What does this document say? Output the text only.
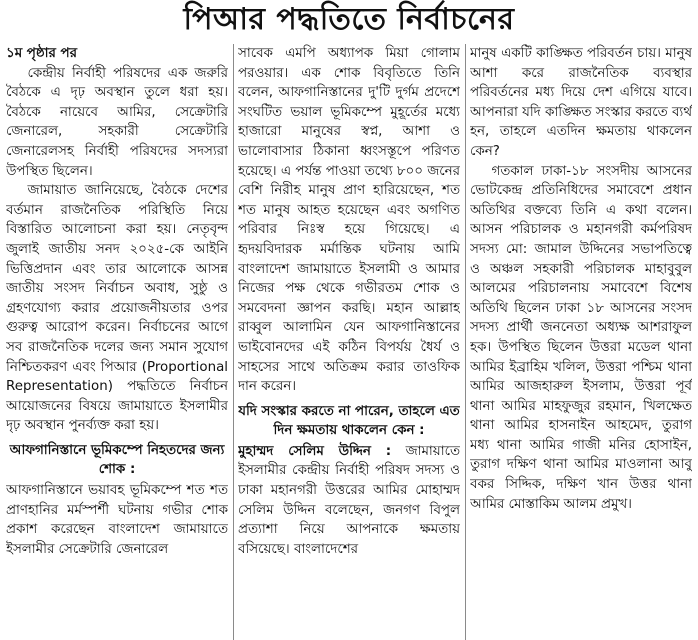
পিআর পদ্ধতিতে নির্বাচনের

১ম পৃষ্ঠার পর

কেন্দ্রীয় নির্বাহী পরিষদের এক জরুরি বৈঠকে এ দৃঢ় অবস্থান তুলে ধরা হয়। বৈঠকে নায়েবে আমির, সেক্রেটারি জেনারেল, সহকারী সেক্রেটারি জেনারেলসহ নির্বাহী পরিষদের সদস্যরা উপস্থিত ছিলেন।

জামায়াত জানিয়েছে, বৈঠকে দেশের বর্তমান রাজনৈতিক পরিস্থিতি নিয়ে বিস্তারিত আলোচনা করা হয়। নেতৃবৃন্দ জুলাই জাতীয় সনদ ২০২৫-কে আইনি ভিত্তিপ্রদান এবং তার আলোকে আসন্ন জাতীয় সংসদ নির্বাচন অবাধ, সুষ্ঠু ও গ্রহণযোগ্য করার প্রয়োজনীয়তার ওপর গুরুত্ব আরোপ করেন। নির্বাচনের আগে সব রাজনৈতিক দলের জন্য সমান সুযোগ নিশ্চিতকরণ এবং পিআর (Proportional Representation) পদ্ধতিতে নির্বাচন আয়োজনের বিষয়ে জামায়াতে ইসলামীর দৃঢ় অবস্থান পুনর্ব্যক্ত করা হয়।

আফগানিস্তানে ভূমিকম্পে নিহতদের জন্য শোক :

আফগানিস্তানে ভয়াবহ ভূমিকম্পে শত শত প্রাণহানির মর্মস্পর্শী ঘটনায় গভীর শোক প্রকাশ করেছেন বাংলাদেশ জামায়াতে ইসলামীর সেক্রেটারি জেনারেল

সাবেক এমপি অধ্যাপক মিয়া গোলাম পরওয়ার। এক শোক বিবৃতিতে তিনি বলেন, আফগানিস্তানের দু'টি দুর্গম প্রদেশে সংঘটিত ভয়াল ভূমিকম্পে মুহূর্তের মধ্যে হাজারো মানুষের স্বপ্ন, আশা ও ভালোবাসার ঠিকানা ধ্বংসস্তূপে পরিণত হয়েছে। এ পর্যন্ত পাওয়া তথ্যে ৮০০ জনের বেশি নিরীহ মানুষ প্রাণ হারিয়েছেন, শত শত মানুষ আহত হয়েছেন এবং অগণিত পরিবার নিঃস্ব হয়ে গিয়েছে। এ হৃদয়বিদারক মর্মান্তিক ঘটনায় আমি বাংলাদেশ জামায়াতে ইসলামী ও আমার নিজের পক্ষ থেকে গভীরতম শোক ও সমবেদনা জ্ঞাপন করছি। মহান আল্লাহ রাব্বুল আলামিন যেন আফগানিস্তানের ভাইবোনদের এই কঠিন বিপর্যয় ধৈর্য ও সাহসের সাথে অতিক্রম করার তাওফিক দান করেন।

যদি সংস্কার করতে না পারেন, তাহলে এত দিন ক্ষমতায় থাকলেন কেন :

মুহাম্মদ সেলিম উদ্দিন : জামায়াতে ইসলামীর কেন্দ্রীয় নির্বাহী পরিষদ সদস্য ও ঢাকা মহানগরী উত্তরের আমির মোহাম্মদ সেলিম উদ্দিন বলেছেন, জনগণ বিপুল প্রত্যাশা নিয়ে আপনাকে ক্ষমতায় বসিয়েছে। বাংলাদেশের

মানুষ একটি কাঙ্ক্ষিত পরিবর্তন চায়। মানুষ আশা করে রাজনৈতিক ব্যবস্থার পরিবর্তনের মধ্য দিয়ে দেশ এগিয়ে যাবে। আপনারা যদি কাঙ্ক্ষিত সংস্কার করতে ব্যর্থ হন, তাহলে এতদিন ক্ষমতায় থাকলেন কেন?

গতকাল ঢাকা-১৮ সংসদীয় আসনের ভোটকেন্দ্র প্রতিনিধিদের সমাবেশে প্রধান অতিথির বক্তব্যে তিনি এ কথা বলেন। আসন পরিচালক ও মহানগরী কর্মপরিষদ সদস্য মো: জামাল উদ্দিনের সভাপতিত্বে ও অঞ্চল সহকারী পরিচালক মাহাবুবুল আলমের পরিচালনায় সমাবেশে বিশেষ অতিথি ছিলেন ঢাকা ১৮ আসনের সংসদ সদস্য প্রার্থী জননেতা অধ্যক্ষ আশরাফুল হক। উপস্থিত ছিলেন উত্তরা মডেল থানা আমির ইব্রাহিম খলিল, উত্তরা পশ্চিম থানা আমির আজহারুল ইসলাম, উত্তরা পূর্ব থানা আমির মাহফুজুর রহমান, খিলক্ষেত থানা আমির হাসনাইন আহমেদ, তুরাগ মধ্য থানা আমির গাজী মনির হোসাইন, তুরাগ দক্ষিণ থানা আমির মাওলানা আবু বকর সিদ্দিক, দক্ষিণ খান উত্তর থানা আমির মোস্তাকিম আলম প্রমুখ।
